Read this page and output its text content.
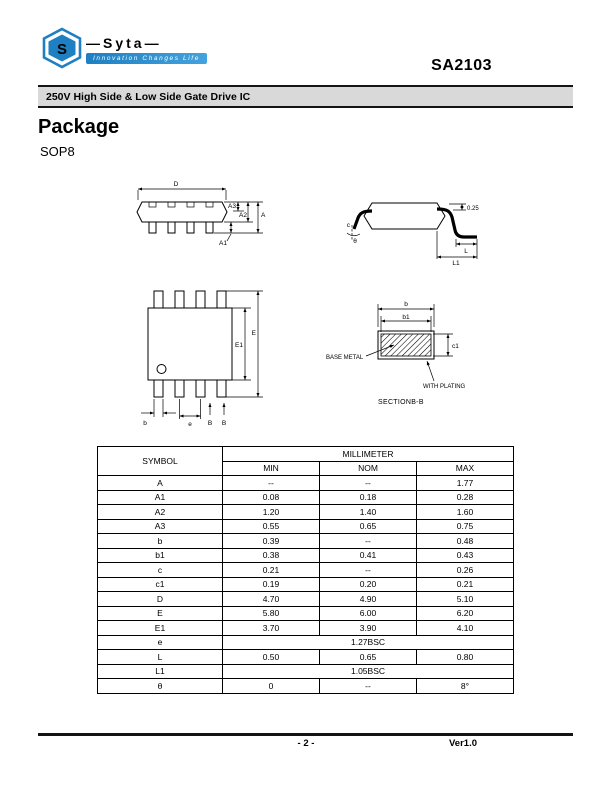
S —Syta—
Innovation Changes Life	SA2103
250V High Side & Low Side Gate Drive IC
Package
SOP8
D
A3
A2 A
A1
c
θ
0.25
L
L1
E1
E
b	e B B
b
b1
c1
BASE METAL
WITH PLATING
SECTIONB-B
SYMBOL	MILLIMETER		
	MIN	NOM	MAX
A	--	--	1.77
A1	0.08	0.18	0.28
A2	1.20	1.40	1.60
A3	0.55	0.65	0.75
b	0.39	--	0.48
b1	0.38	0.41	0.43
c	0.21	--	0.26
c1	0.19	0.20	0.21
D	4.70	4.90	5.10
E	5.80	6.00	6.20
E1	3.70	3.90	4.10
e	1.27BSC		
L	0.50	0.65	0.80
L1	1.05BSC		
θ	0	--	8°
- 2 -	Ver1.0
